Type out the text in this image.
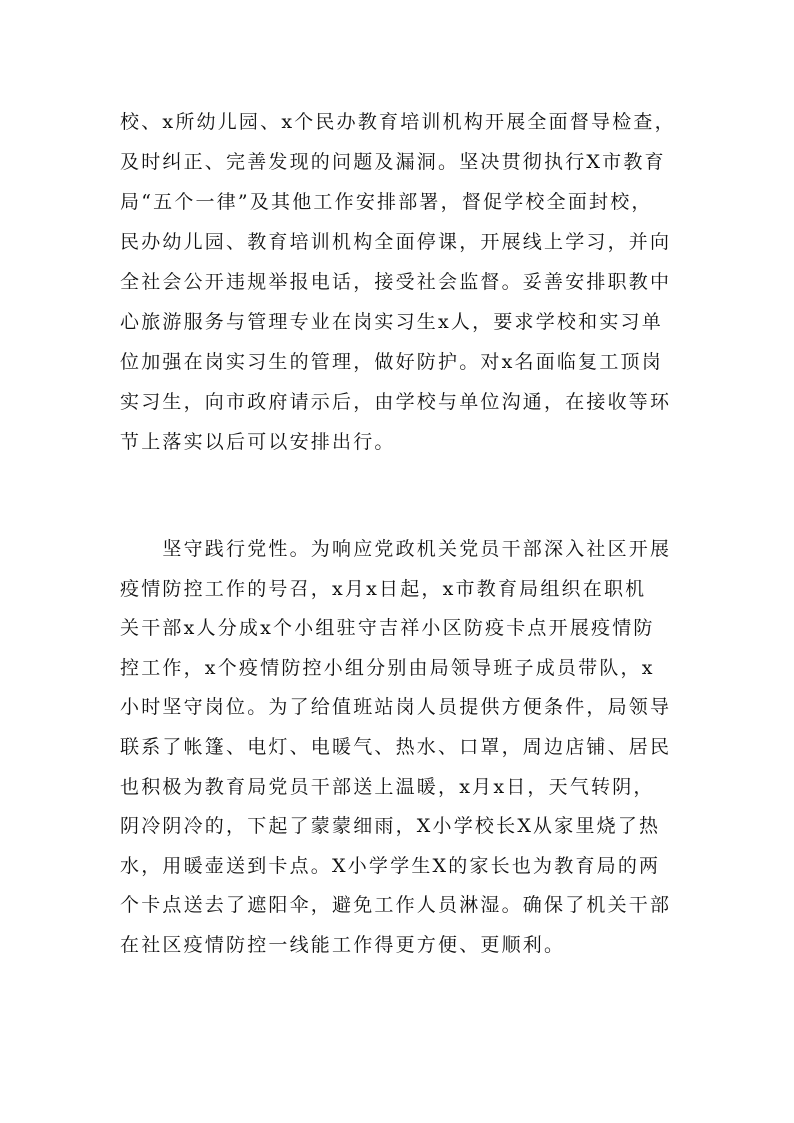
校、x所幼儿园、x个民办教育培训机构开展全面督导检查，
及时纠正、完善发现的问题及漏洞。坚决贯彻执行X市教育
局“五个一律”及其他工作安排部署，督促学校全面封校，
民办幼儿园、教育培训机构全面停课，开展线上学习，并向
全社会公开违规举报电话，接受社会监督。妥善安排职教中
心旅游服务与管理专业在岗实习生x人，要求学校和实习单
位加强在岗实习生的管理，做好防护。对x名面临复工顶岗
实习生，向市政府请示后，由学校与单位沟通，在接收等环
节上落实以后可以安排出行。
　　坚守践行党性。为响应党政机关党员干部深入社区开展
疫情防控工作的号召，x月x日起，x市教育局组织在职机
关干部x人分成x个小组驻守吉祥小区防疫卡点开展疫情防
控工作，x个疫情防控小组分别由局领导班子成员带队，x
小时坚守岗位。为了给值班站岗人员提供方便条件，局领导
联系了帐篷、电灯、电暖气、热水、口罩，周边店铺、居民
也积极为教育局党员干部送上温暖，x月x日，天气转阴，
阴冷阴冷的，下起了蒙蒙细雨，X小学校长X从家里烧了热
水，用暖壶送到卡点。X小学学生X的家长也为教育局的两
个卡点送去了遮阳伞，避免工作人员淋湿。确保了机关干部
在社区疫情防控一线能工作得更方便、更顺利。
